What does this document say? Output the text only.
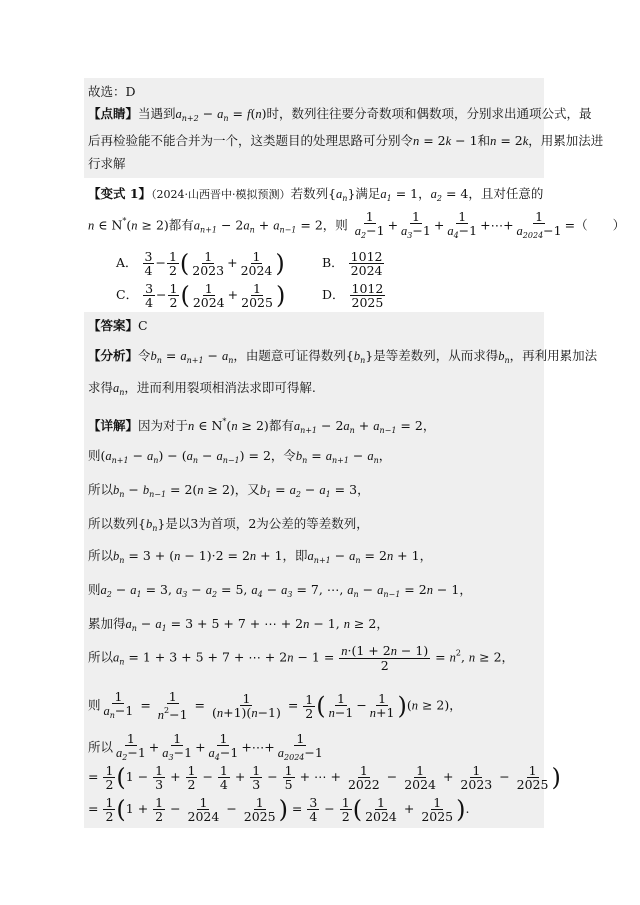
故选：D
【点睛】当遇到$a_{n+2} - a_n = f(n)$时，数列往往要分奇数项和偶数项，分别求出通项公式，最
后再检验能不能合并为一个，这类题目的处理思路可分别令n = 2k − 1和n = 2k，用累加法进
行求解
【变式 1】（2024·山西晋中·模拟预测）若数列$\{a_n\}$满足$a_1 = 1$，$a_2 = 4$，且对任意的
n ∈ N*(n ≥ 2)都有$a_{n+1} - 2a_n + a_{n-1} = 2$，则 $\frac{1}{a_2-1} + \frac{1}{a_3-1} + \frac{1}{a_4-1}$ +⋯+ $\frac{1}{a_{2024}-1}$ =（　　）
A． $\frac{3}{4} - \frac{1}{2}$ ( $\frac{1}{2023} + \frac{1}{2024}$ )	B． $\frac{1012}{2024}$
C． $\frac{3}{4} - \frac{1}{2}$ ( $\frac{1}{2024} + \frac{1}{2025}$ )	D． $\frac{1012}{2025}$
【答案】C
【分析】令$b_n = a_{n+1} - a_n$，由题意可证得数列$\{b_n\}$是等差数列，从而求得$b_n$，再利用累加法
求得$a_n$，进而利用裂项相消法求即可得解.
【详解】因为对于n ∈ N*(n ≥ 2)都有$a_{n+1} - 2a_n + a_{n-1} = 2$，
则$(a_{n+1} - a_n) - (a_n - a_{n-1}) = 2$，令$b_n = a_{n+1} - a_n$，
所以$b_n - b_{n-1} = 2(n \ge 2)$，又$b_1 = a_2 - a_1 = 3$，
所以数列$\{b_n\}$是以3为首项，2为公差的等差数列，
所以$b_n = 3 + (n - 1)\cdot 2 = 2n + 1$，即$a_{n+1} - a_n = 2n + 1$，
则$a_2 - a_1 = 3$, $a_3 - a_2 = 5$, $a_4 - a_3 = 7$, ⋯, $a_n - a_{n-1} = 2n - 1$，
累加得$a_n - a_1 = 3 + 5 + 7$ + ⋯ + 2n − 1, n ≥ 2，
所以$a_n = 1 + 3 + 5 + 7$ + ⋯ + $2n - 1 = \frac{n\cdot(1 + 2n - 1)}{2} = n^2$, n ≥ 2，
则 $\frac{1}{a_n-1} = \frac{1}{n^2-1} = \frac{1}{(n+1)(n-1)} = \frac{1}{2}$ ( $\frac{1}{n-1} - \frac{1}{n+1} )(n \ge 2)$，
所以 $\frac{1}{a_2-1} + \frac{1}{a_3-1} + \frac{1}{a_4-1}$ +⋯+ $\frac{1}{a_{2024}-1}$
= $\frac{1}{2} (1 - \frac{1}{3} + \frac{1}{2} - \frac{1}{4} + \frac{1}{3} - \frac{1}{5}$ + ⋯ + $\frac{1}{2022} - \frac{1}{2024} + \frac{1}{2023} - \frac{1}{2025}$ )
= $\frac{1}{2} (1 + \frac{1}{2} - \frac{1}{2024} - \frac{1}{2025}$ ) = $\frac{3}{4} - \frac{1}{2}$ ( $\frac{1}{2024} + \frac{1}{2025}$ ).
